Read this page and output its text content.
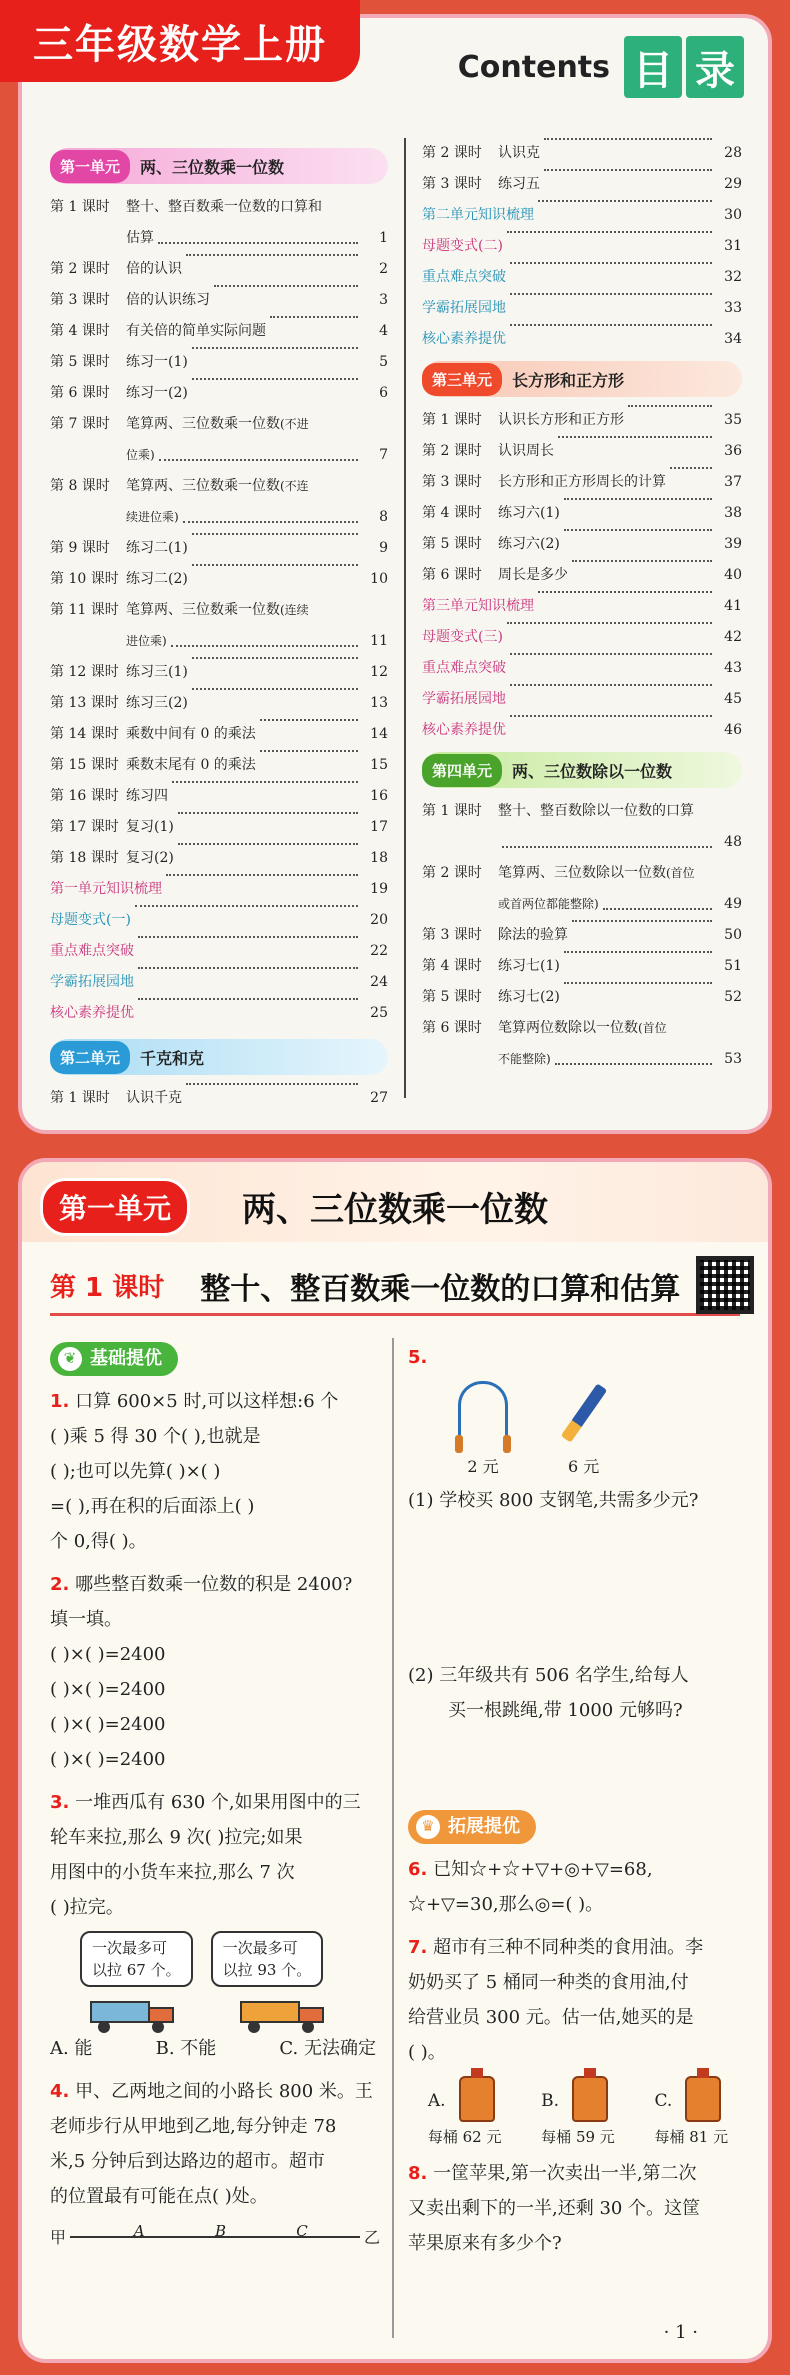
三年级数学上册	Contents 目 录
第一单元	两、三位数乘一位数
第 1 课时	整十、整百数乘一位数的口算和
估算	1
第 2 课时	倍的认识	2
第 3 课时	倍的认识练习	3
第 4 课时	有关倍的简单实际问题	4
第 5 课时	练习一(1)	5
第 6 课时	练习一(2)	6
第 7 课时	笔算两、三位数乘一位数 (不进
位乘)	7
第 8 课时	笔算两、三位数乘一位数 (不连
续进位乘)	8
第 9 课时	练习二(1)	9
第 10 课时 练习二(2)	10
第 11 课时 笔算两、三位数乘一位数 (连续
进位乘)	11
第 12 课时 练习三(1)	12
第 13 课时 练习三(2)	13
第 14 课时 乘数中间有 0 的乘法	14
第 15 课时 乘数末尾有 0 的乘法	15
第 16 课时 练习四	16
第 17 课时 复习(1)	17
第 18 课时 复习(2)	18
第一单元知识梳理	19
母题变式(一)	20
重点难点突破	22
学霸拓展园地	24
核心素养提优	25
第二单元	千克和克
第 1 课时	认识千克	27
第 2 课时	认识克	28
第 3 课时	练习五	29
第二单元知识梳理	30
母题变式(二)	31
重点难点突破	32
学霸拓展园地	33
核心素养提优	34
第三单元	长方形和正方形
第 1 课时	认识长方形和正方形	35
第 2 课时	认识周长	36
第 3 课时	长方形和正方形周长的计算	37
第 4 课时	练习六(1)	38
第 5 课时	练习六(2)	39
第 6 课时	周长是多少	40
第三单元知识梳理	41
母题变式(三)	42
重点难点突破	43
学霸拓展园地	45
核心素养提优	46
第四单元	两、三位数除以一位数
第 1 课时	整十、整百数除以一位数的口算
48
第 2 课时	笔算两、三位数除以一位数 (首位
或首两位都能整除)	49
第 3 课时	除法的验算	50
第 4 课时	练习七(1)	51
第 5 课时	练习七(2)	52
第 6 课时	笔算两位数除以一位数 (首位
不能整除)	53
第一单元	两、三位数乘一位数
第 1 课时 整十、整百数乘一位数的口算和估算
❦ 基础提优
1. 口算 600×5 时,可以这样想:6 个
( )乘 5 得 30 个( ),也就是
( );也可以先算( )×( )
=( ),再在积的后面添上( )
个 0,得( )。
2. 哪些整百数乘一位数的积是 2400?
填一填。
( )×( )=2400
( )×( )=2400
( )×( )=2400
( )×( )=2400
3. 一堆西瓜有 630 个,如果用图中的三
轮车来拉,那么 9 次( )拉完;如果
用图中的小货车来拉,那么 7 次
( )拉完。
一次最多可
以拉 67 个。
一次最多可
以拉 93 个。
A. 能	B. 不能	C. 无法确定
4. 甲、乙两地之间的小路长 800 米。王
老师步行从甲地到乙地,每分钟走 78
米,5 分钟后到达路边的超市。超市
的位置最有可能在点( )处。
甲	A	B	C	乙
5.
2 元	6 元
(1) 学校买 800 支钢笔,共需多少元?
(2) 三年级共有 506 名学生,给每人
买一根跳绳,带 1000 元够吗?
♛ 拓展提优
6. 已知☆+☆+▽+◎+▽=68,
☆+▽=30,那么◎=( )。
7. 超市有三种不同种类的食用油。李
奶奶买了 5 桶同一种类的食用油,付
给营业员 300 元。估一估,她买的是
( )。
A.
每桶 62 元
B.
每桶 59 元
C.
每桶 81 元
8. 一筐苹果,第一次卖出一半,第二次
又卖出剩下的一半,还剩 30 个。这筐
苹果原来有多少个?
· 1 ·
